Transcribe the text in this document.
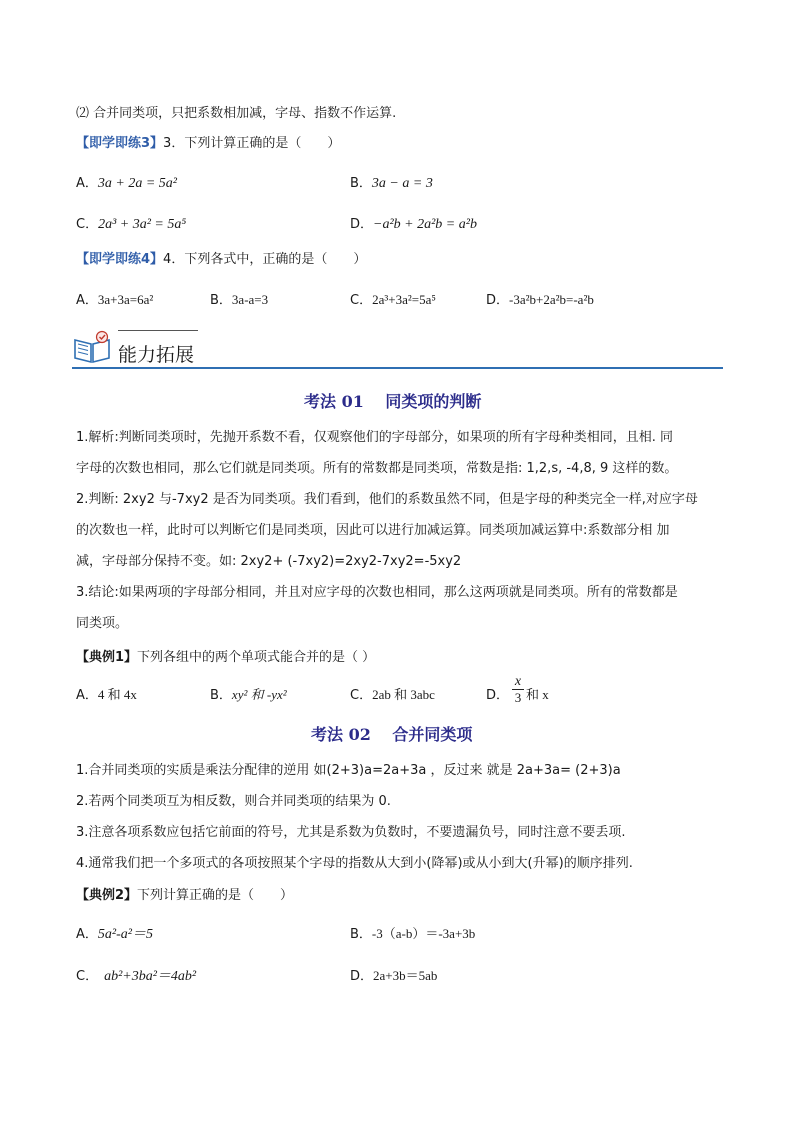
⑵ 合并同类项，只把系数相加减，字母、指数不作运算.
【即学即练3】3．下列计算正确的是（　　）
A．3a + 2a = 5a²	B．3a − a = 3
C．2a³ + 3a² = 5a⁵	D．−a²b + 2a²b = a²b
【即学即练4】4．下列各式中，正确的是（　　）
A．3a+3a=6a²	B．3a-a=3	C．2a³+3a²=5a⁵	D．-3a²b+2a²b=-a²b
能力拓展
考法 01　 同类项的判断
1.解析:判断同类项时，先抛开系数不看，仅观察他们的字母部分，如果项的所有字母种类相同，且相. 同
字母的次数也相同，那么它们就是同类项。所有的常数都是同类项，常数是指: 1,2,s, -4,8, 9 这样的数。
2.判断: 2xy2 与-7xy2 是否为同类项。我们看到，他们的系数虽然不同，但是字母的种类完全一样,对应字母
的次数也一样，此时可以判断它们是同类项，因此可以进行加减运算。同类项加减运算中:系数部分相 加
减，字母部分保持不变。如: 2xy2+ (-7xy2)=2xy2-7xy2=-5xy2
3.结论:如果两项的字母部分相同，并且对应字母的次数也相同，那么这两项就是同类项。所有的常数都是
同类项。
【典例1】下列各组中的两个单项式能合并的是（ ）
A．4 和 4x	B．xy² 和 -yx²	C．2ab 和 3abc	D． $\frac{x}{3}$ 和 x
考法 02　 合并同类项
1.合并同类项的实质是乘法分配律的逆用 如(2+3)a=2a+3a ，反过来 就是 2a+3a= (2+3)a
2.若两个同类项互为相反数，则合并同类项的结果为 0.
3.注意各项系数应包括它前面的符号，尤其是系数为负数时，不要遗漏负号，同时注意不要丢项.
4.通常我们把一个多项式的各项按照某个字母的指数从大到小(降幂)或从小到大(升幂)的顺序排列.
【典例2】下列计算正确的是（　　）
A．5a²-a²＝5	B．-3（a-b）＝-3a+3b
C． ab²+3ba²＝4ab²	D．2a+3b＝5ab
